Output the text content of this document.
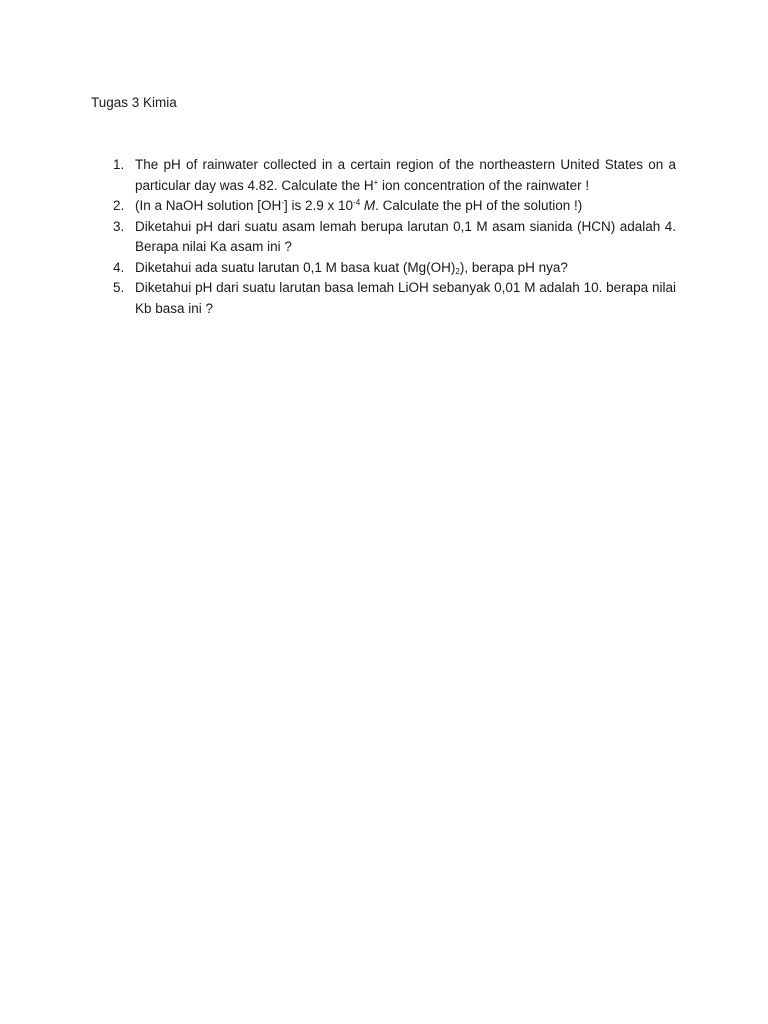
Tugas 3 Kimia
1. The pH of rainwater collected in a certain region of the northeastern United States on a particular day was 4.82. Calculate the H+ ion concentration of the rainwater !
2. (In a NaOH solution [OH-] is 2.9 x $10^{-4}$ M. Calculate the pH of the solution !)
3. Diketahui pH dari suatu asam lemah berupa larutan 0,1 M asam sianida (HCN) adalah 4. Berapa nilai Ka asam ini ?
4. Diketahui ada suatu larutan 0,1 M basa kuat $(Mg(OH)_2)$, berapa pH nya?
5. Diketahui pH dari suatu larutan basa lemah LiOH sebanyak 0,01 M adalah 10. berapa nilai Kb basa ini ?
